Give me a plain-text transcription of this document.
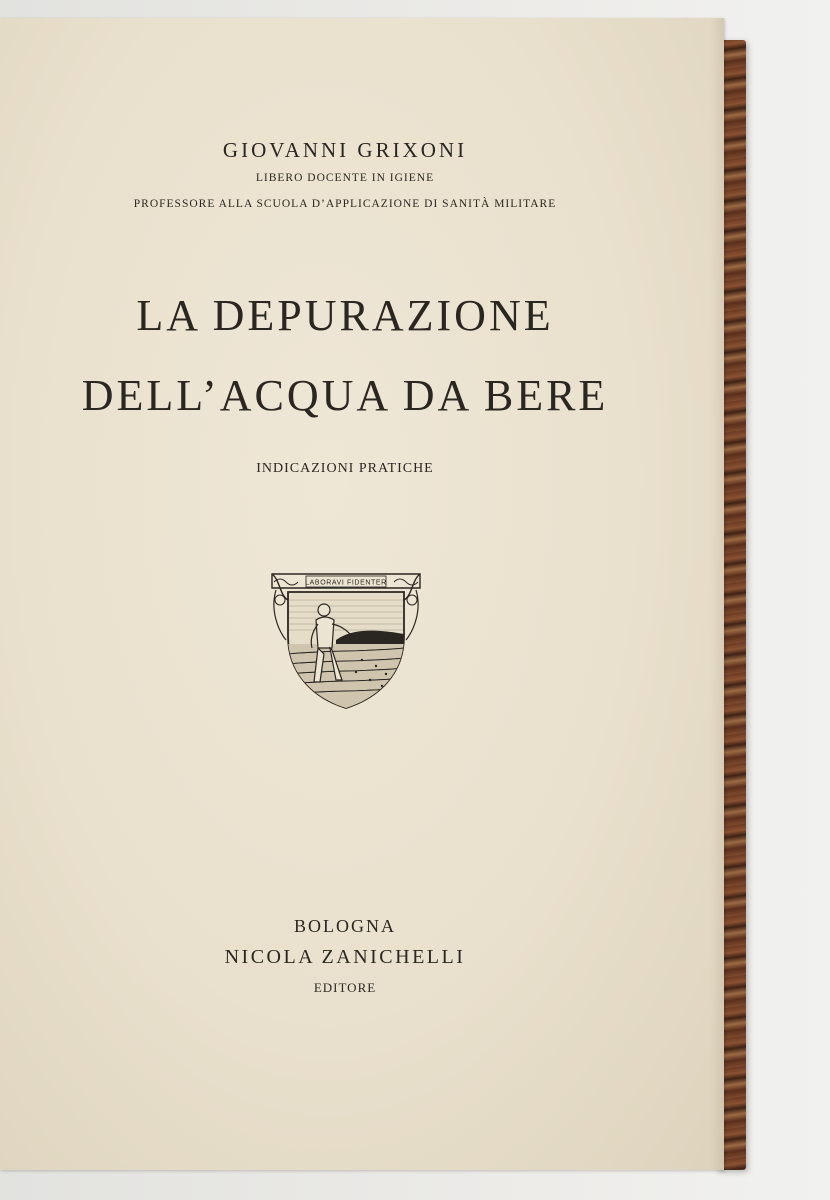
GIOVANNI GRIXONI
LIBERO DOCENTE IN IGIENE
PROFESSORE ALLA SCUOLA D’APPLICAZIONE DI SANITÀ MILITARE
LA DEPURAZIONE
DELL’ACQUA DA BERE
INDICAZIONI PRATICHE
LABORAVI FIDENTER
BOLOGNA
NICOLA ZANICHELLI
EDITORE
